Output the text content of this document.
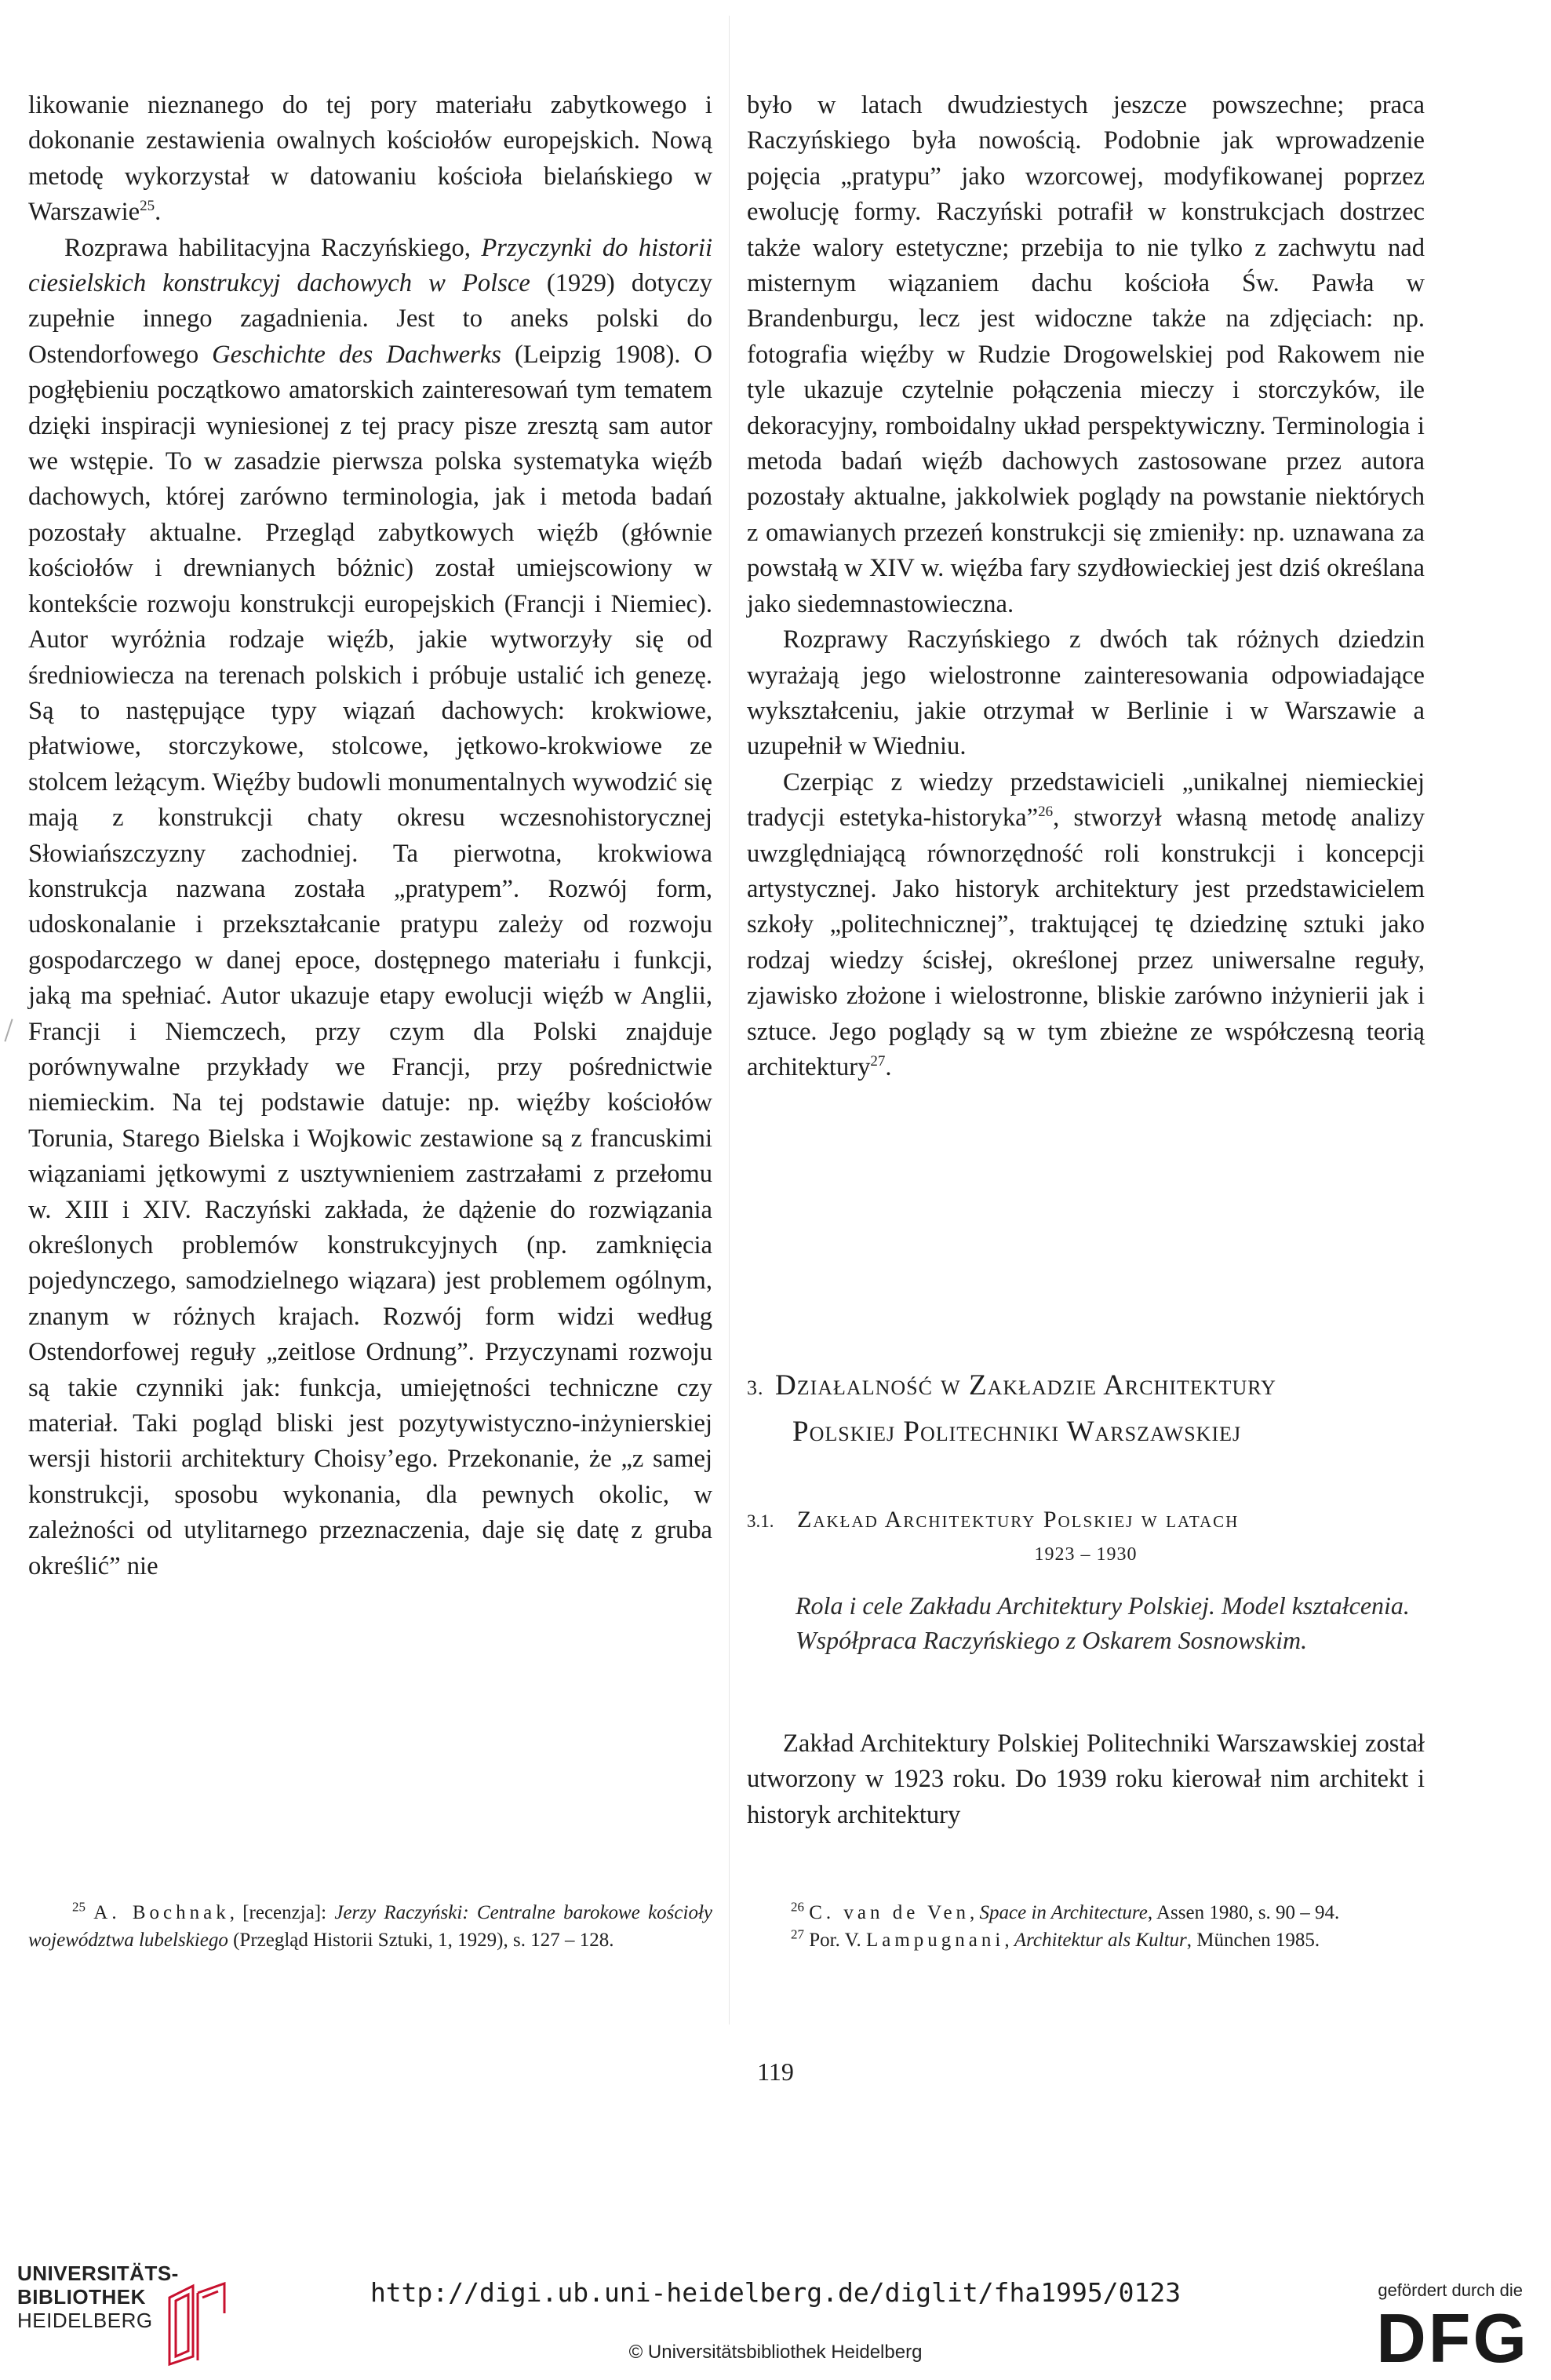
likowanie nieznanego do tej pory materiału zabytkowego i dokonanie zestawienia owalnych kościołów europejskich. Nową metodę wykorzystał w datowaniu kościoła bielańskiego w Warszawie$^{25}$.

Rozprawa habilitacyjna Raczyńskiego, Przyczynki do historii ciesielskich konstrukcyj dachowych w Polsce (1929) dotyczy zupełnie innego zagadnienia. Jest to aneks polski do Ostendorfowego Geschichte des Dachwerks (Leipzig 1908). O pogłębieniu początkowo amatorskich zainteresowań tym tematem dzięki inspiracji wyniesionej z tej pracy pisze zresztą sam autor we wstępie. To w zasadzie pierwsza polska systematyka więźb dachowych, której zarówno terminologia, jak i metoda badań pozostały aktualne. Przegląd zabytkowych więźb (głównie kościołów i drewnianych bóżnic) został umiejscowiony w kontekście rozwoju konstrukcji europejskich (Francji i Niemiec). Autor wyróżnia rodzaje więźb, jakie wytworzyły się od średniowiecza na terenach polskich i próbuje ustalić ich genezę. Są to następujące typy wiązań dachowych: krokwiowe, płatwiowe, storczykowe, stolcowe, jętkowo-krokwiowe ze stolcem leżącym. Więźby budowli monumentalnych wywodzić się mają z konstrukcji chaty okresu wczesnohistorycznej Słowiańszczyzny zachodniej. Ta pierwotna, krokwiowa konstrukcja nazwana została „pratypem”. Rozwój form, udoskonalanie i przekształcanie pratypu zależy od rozwoju gospodarczego w danej epoce, dostępnego materiału i funkcji, jaką ma spełniać. Autor ukazuje etapy ewolucji więźb w Anglii, Francji i Niemczech, przy czym dla Polski znajduje porównywalne przykłady we Francji, przy pośrednictwie niemieckim. Na tej podstawie datuje: np. więźby kościołów Torunia, Starego Bielska i Wojkowic zestawione są z francuskimi wiązaniami jętkowymi z usztywnieniem zastrzałami z przełomu w. XIII i XIV. Raczyński zakłada, że dążenie do rozwiązania określonych problemów konstrukcyjnych (np. zamknięcia pojedynczego, samodzielnego wiązara) jest problemem ogólnym, znanym w różnych krajach. Rozwój form widzi według Ostendorfowej reguły „zeitlose Ordnung”. Przyczynami rozwoju są takie czynniki jak: funkcja, umiejętności techniczne czy materiał. Taki pogląd bliski jest pozytywistyczno-inżynierskiej wersji historii architektury Choisy’ego. Przekonanie, że „z samej konstrukcji, sposobu wykonania, dla pewnych okolic, w zależności od utylitarnego przeznaczenia, daje się datę z gruba określić” nie

było w latach dwudziestych jeszcze powszechne; praca Raczyńskiego była nowością. Podobnie jak wprowadzenie pojęcia „pratypu” jako wzorcowej, modyfikowanej poprzez ewolucję formy. Raczyński potrafił w konstrukcjach dostrzec także walory estetyczne; przebija to nie tylko z zachwytu nad misternym wiązaniem dachu kościoła Św. Pawła w Brandenburgu, lecz jest widoczne także na zdjęciach: np. fotografia więźby w Rudzie Drogowelskiej pod Rakowem nie tyle ukazuje czytelnie połączenia mieczy i storczyków, ile dekoracyjny, romboidalny układ perspektywiczny. Terminologia i metoda badań więźb dachowych zastosowane przez autora pozostały aktualne, jakkolwiek poglądy na powstanie niektórych z omawianych przezeń konstrukcji się zmieniły: np. uznawana za powstałą w XIV w. więźba fary szydłowieckiej jest dziś określana jako siedemnastowieczna.

Rozprawy Raczyńskiego z dwóch tak różnych dziedzin wyrażają jego wielostronne zainteresowania odpowiadające wykształceniu, jakie otrzymał w Berlinie i w Warszawie a uzupełnił w Wiedniu.

Czerpiąc z wiedzy przedstawicieli „unikalnej niemieckiej tradycji estetyka-historyka”$^{26}$, stworzył własną metodę analizy uwzględniającą równorzędność roli konstrukcji i koncepcji artystycznej. Jako historyk architektury jest przedstawicielem szkoły „politechnicznej”, traktującej tę dziedzinę sztuki jako rodzaj wiedzy ścisłej, określonej przez uniwersalne reguły, zjawisko złożone i wielostronne, bliskie zarówno inżynierii jak i sztuce. Jego poglądy są w tym zbieżne ze współczesną teorią architektury$^{27}$.

3. Działalność w Zakładzie Architektury
Polskiej Politechniki Warszawskiej
3.1. Zakład Architektury Polskiej w latach
1923 – 1930
Rola i cele Zakładu Architektury Polskiej. Model kształcenia. Współpraca Raczyńskiego z Oskarem Sosnowskim.

Zakład Architektury Polskiej Politechniki Warszawskiej został utworzony w 1923 roku. Do 1939 roku kierował nim architekt i historyk architektury

$^{25}$ A. Bochnak, [recenzja]: Jerzy Raczyński: Centralne barokowe kościoły województwa lubelskiego (Przegląd Historii Sztuki, 1, 1929), s. 127 – 128.

$^{26}$ C. van de Ven, Space in Architecture, Assen 1980, s. 90 – 94.

$^{27}$ Por. V. Lampugnani, Architektur als Kultur, München 1985.

119
UNIVERSITÄTS-
BIBLIOTHEK
HEIDELBERG
http://digi.ub.uni-heidelberg.de/diglit/fha1995/0123
© Universitätsbibliothek Heidelberg
gefördert durch die
DFG
